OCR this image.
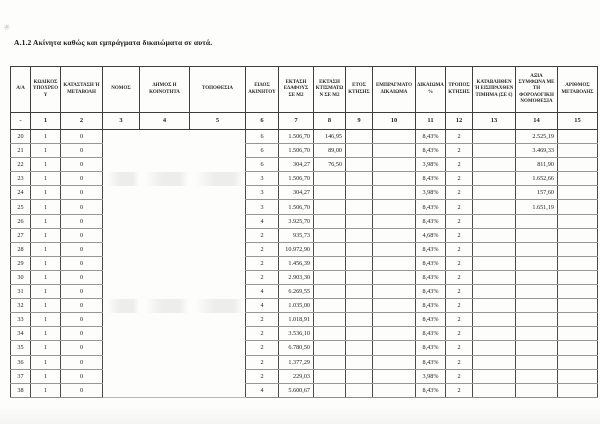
✳
Α.1.2 Ακίνητα καθώς και εμπράγματα δικαιώματα σε αυτά.
Α/Α	ΚΩΔΙΚΟΣ ΥΠΟΧΡΕΟΥ	ΚΑΤΑΣΤΑΣΗ Ή ΜΕΤΑΒΟΛΗ	ΝΟΜΟΣ	ΔΗΜΟΣ Η ΚΟΙΝΟΤΗΤΑ	ΤΟΠΟΘΕΣΙΑ	ΕΙΔΟΣ ΑΚΙΝΗΤΟΥ	ΕΚΤΑΣΗ ΕΔΑΦΟΥΣ ΣΕ Μ2	ΕΚΤΑΣΗ ΚΤΙΣΜΑΤΩΝ ΣΕ Μ2	ΕΤΟΣ ΚΤΗΣΗΣ	ΕΜΠΡΑΓΜΑΤΟ ΔΙΚΑΙΩΜΑ	ΔΙΚΑΙΩΜΑ %	ΤΡΟΠΟΣ ΚΤΗΣΗΣ	ΚΑΤΑΒΛΗΘΕΝ Ή ΕΙΣΠΡΑΧΘΕΝ ΤΙΜΗΜΑ (ΣΕ €)	ΑΞΙΑ ΣΥΜΦΩΝΑ ΜΕ ΤΗ ΦΟΡΟΛΟΓΙΚΗ ΝΟΜΟΘΕΣΙΑ	ΑΡΙΘΜΟΣ ΜΕΤΑΒΟΛΗΣ
-	1	2	3	4	5	6	7	8	9	10	11	12	13	14	15
20	1	0				6	1.506,70	146,95			8,43%	2		2.525,19	
21	1	0				6	1.506,70	89,00			8,43%	2		3.469,33	
22	1	0				6	304,27	76,50			3,98%	2		811,90	
23	1	0				3	1.506,70				8,43%	2		1.652,66	
24	1	0				3	304,27				3,98%	2		157,60	
25	1	0				3	1.506,70				8,43%	2		1.651,19	
26	1	0				4	3.925,70				8,43%	2			
27	1	0				2	935,73				4,68%	2			
28	1	0				2	10.972,90				8,43%	2			
29	1	0				2	1.456,39				8,43%	2			
30	1	0				2	2.903,30				8,43%	2			
31	1	0				4	6.269,55				8,43%	2			
32	1	0				4	1.035,00				8,43%	2			
33	1	0				2	1.018,91				8,43%	2			
34	1	0				2	3.536,10				8,43%	2			
35	1	0				2	6.780,50				8,43%	2			
36	1	0				2	1.377,29				8,43%	2			
37	1	0				2	229,03				3,98%	2			
38	1	0				4	5.600,67				8,43%	2			
